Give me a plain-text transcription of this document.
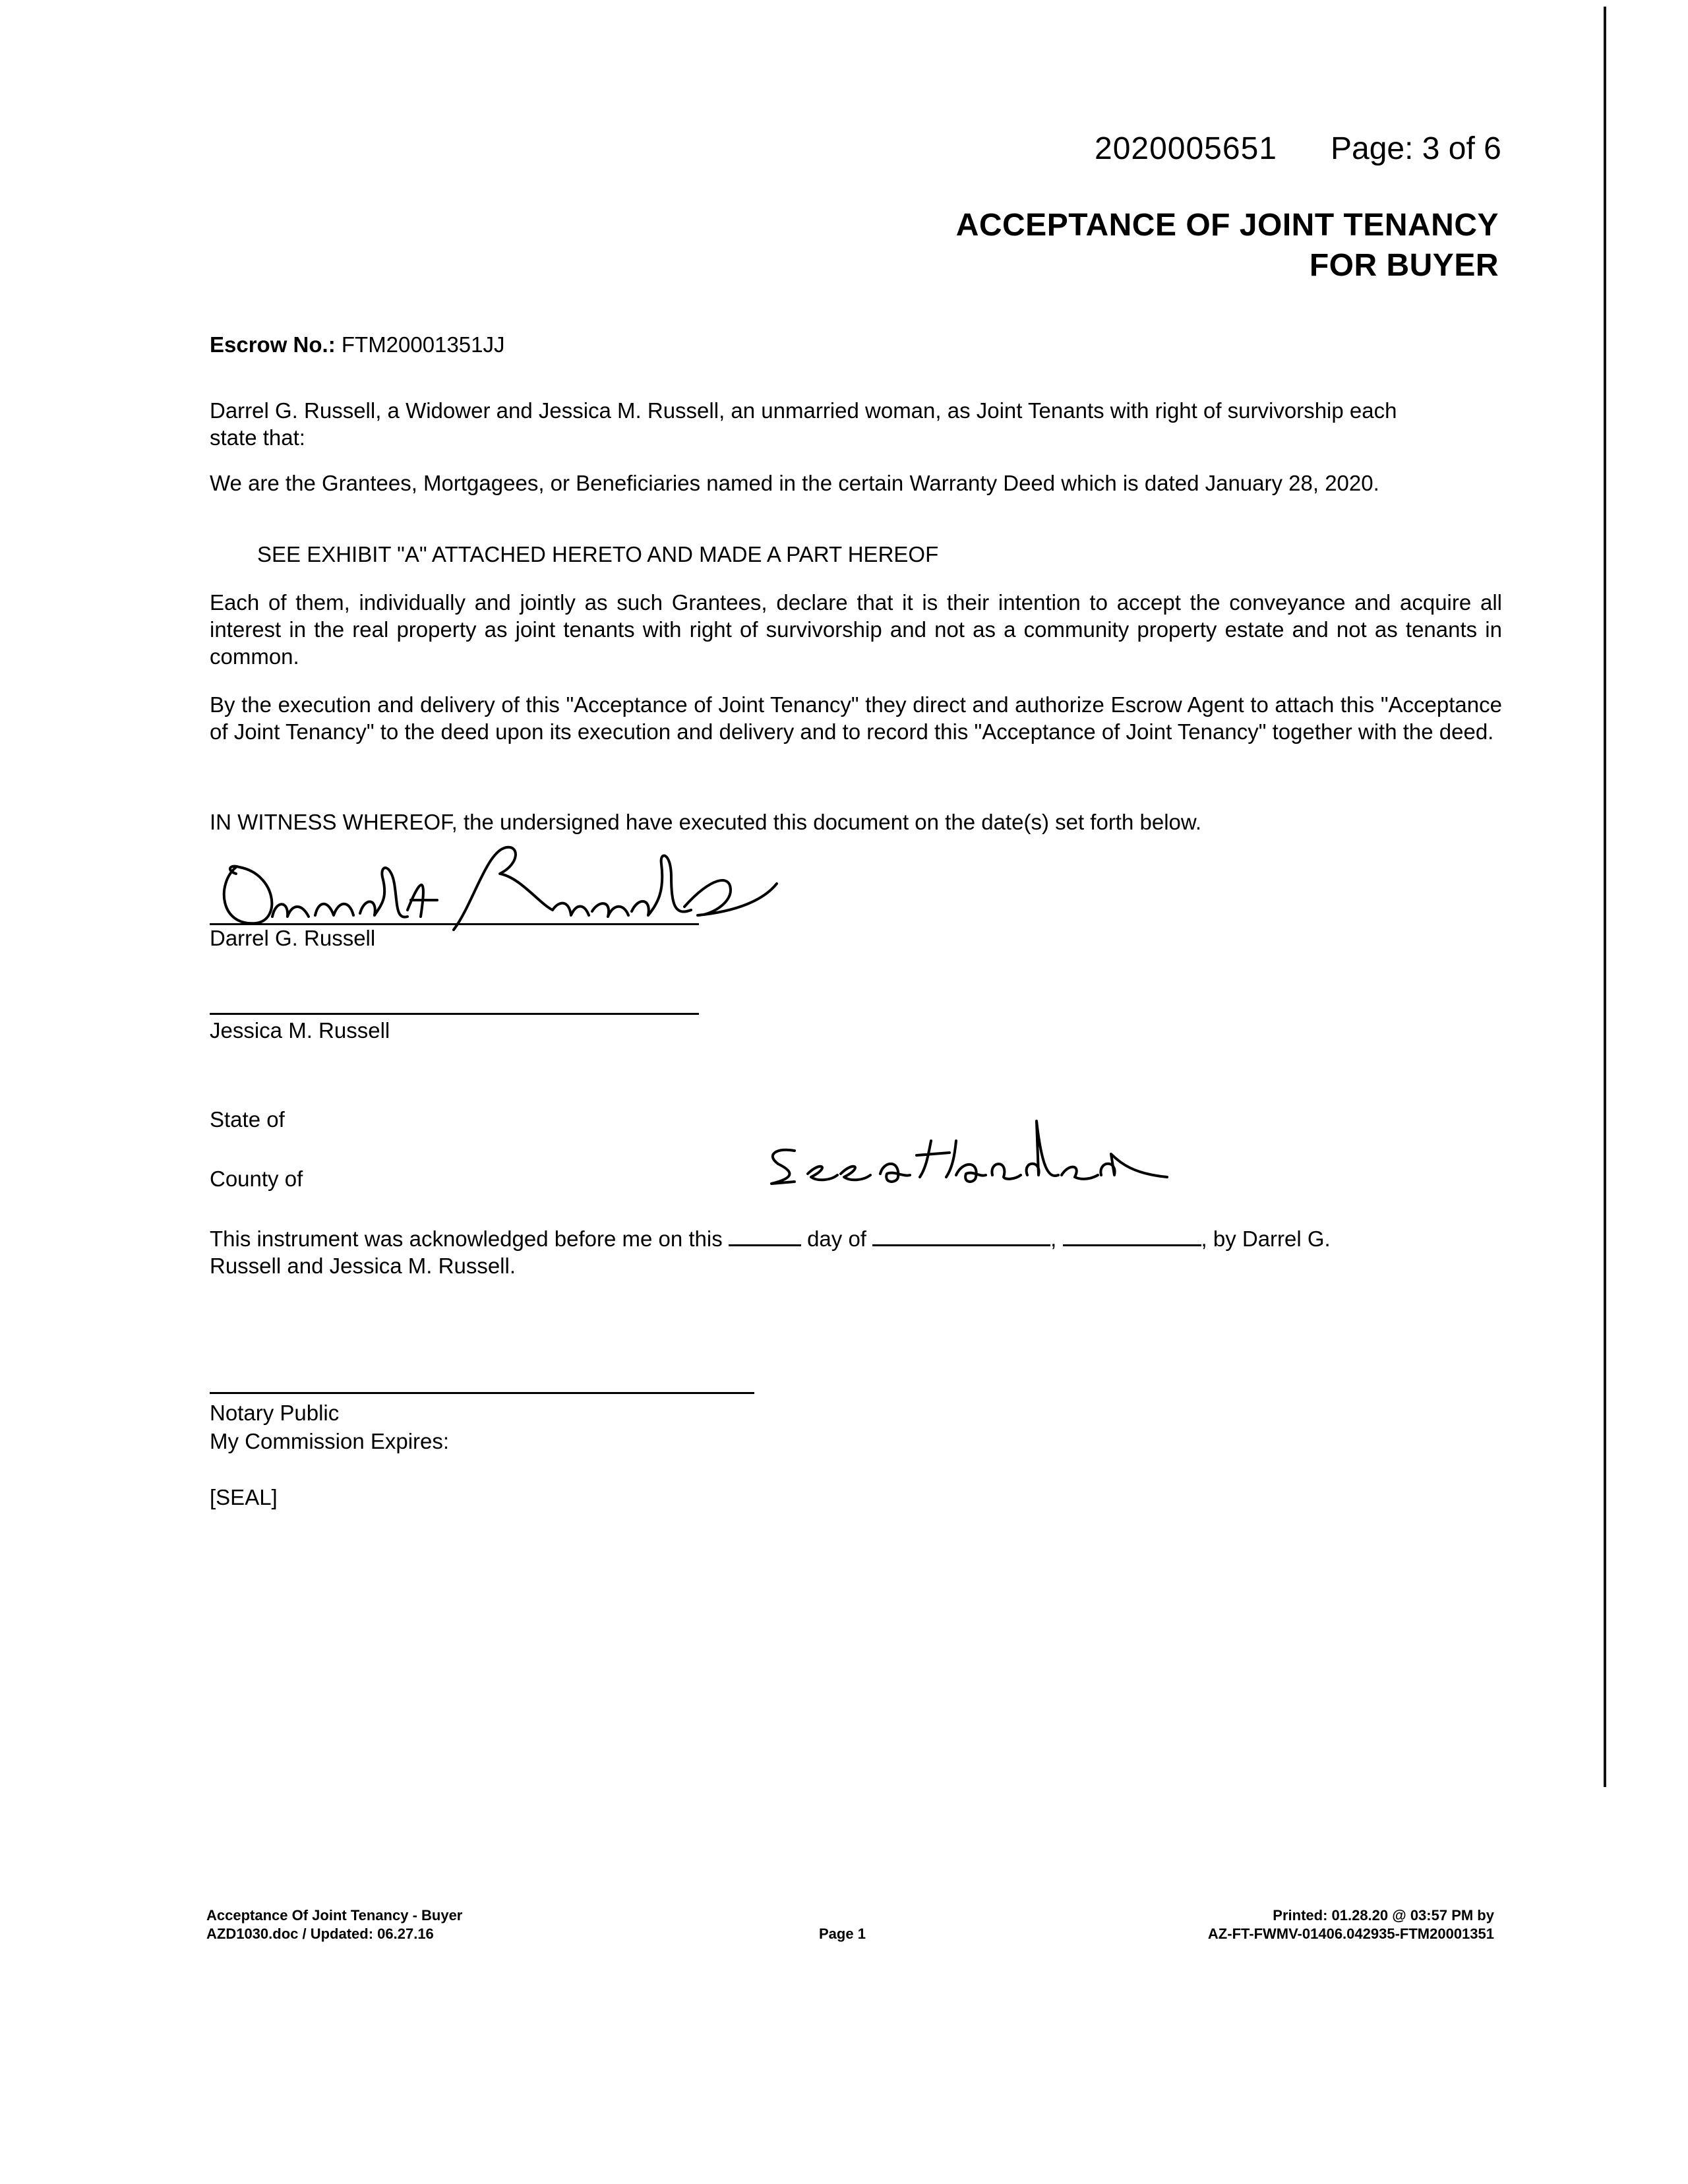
2020005651 Page: 3 of 6
ACCEPTANCE OF JOINT TENANCY
FOR BUYER
Escrow No.: FTM20001351JJ
Darrel G. Russell, a Widower and Jessica M. Russell, an unmarried woman, as Joint Tenants with right of survivorship each state that:
We are the Grantees, Mortgagees, or Beneficiaries named in the certain Warranty Deed which is dated January 28, 2020.
SEE EXHIBIT "A" ATTACHED HERETO AND MADE A PART HEREOF
Each of them, individually and jointly as such Grantees, declare that it is their intention to accept the conveyance and acquire all interest in the real property as joint tenants with right of survivorship and not as a community property estate and not as tenants in common.
By the execution and delivery of this "Acceptance of Joint Tenancy" they direct and authorize Escrow Agent to attach this "Acceptance of Joint Tenancy" to the deed upon its execution and delivery and to record this "Acceptance of Joint Tenancy" together with the deed.
IN WITNESS WHEREOF, the undersigned have executed this document on the date(s) set forth below.
Darrel G. Russell
Jessica M. Russell
State of
County of
This instrument was acknowledged before me on this	day of	,	, by Darrel G.
Russell and Jessica M. Russell.
Notary Public
My Commission Expires:
[SEAL]
Acceptance Of Joint Tenancy - Buyer
AZD1030.doc / Updated: 06.27.16	Page 1
Printed: 01.28.20 @ 03:57 PM by
AZ-FT-FWMV-01406.042935-FTM20001351
